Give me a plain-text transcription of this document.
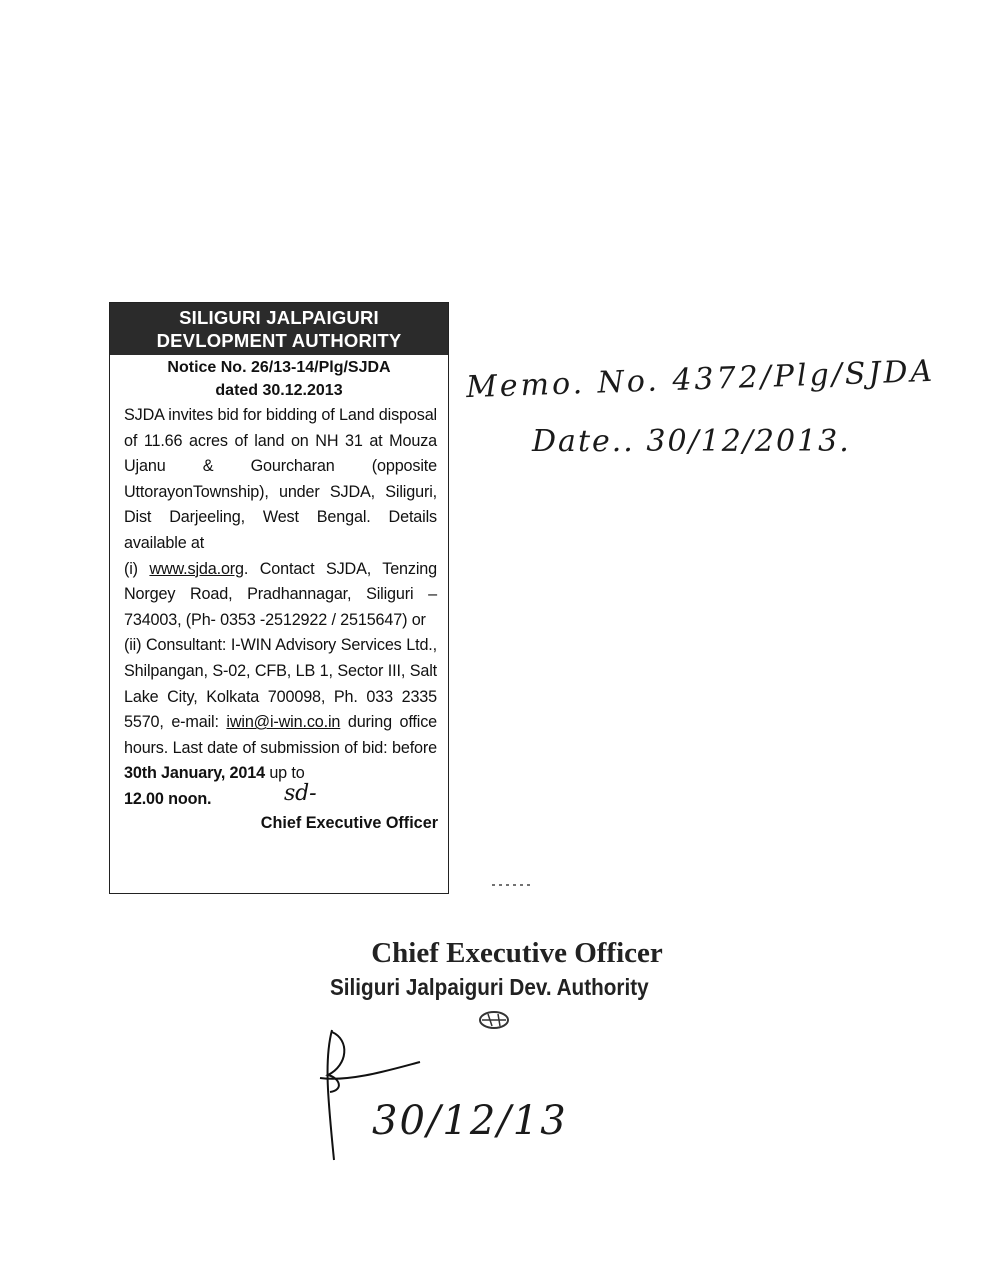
SILIGURI JALPAIGURI
DEVLOPMENT AUTHORITY
Notice No. 26/13-14/Plg/SJDA
dated 30.12.2013

SJDA invites bid for bidding of Land disposal of 11.66 acres of land on NH 31 at Mouza Ujanu & Gourcharan (opposite UttorayonTownship), under SJDA, Siliguri, Dist Darjeeling, West Bengal. Details available at

(i) www.sjda.org. Contact SJDA, Tenzing Norgey Road, Pradhannagar, Siliguri – 734003, (Ph- 0353 -2512922 / 2515647) or

(ii) Consultant: I-WIN Advisory Services Ltd., Shilpangan, S-02, CFB, LB 1, Sector III, Salt Lake City, Kolkata 700098, Ph. 033 2335 5570, e-mail: iwin@i-win.co.in during office hours. Last date of submission of bid: before 30th January, 2014 up to

12.00 noon.	sd-
Chief Executive Officer
Memo. No. 4372/Plg/SJDA
Date.. 30/12/2013.
Chief Executive Officer
Siliguri Jalpaiguri Dev. Authority
30/12/13
